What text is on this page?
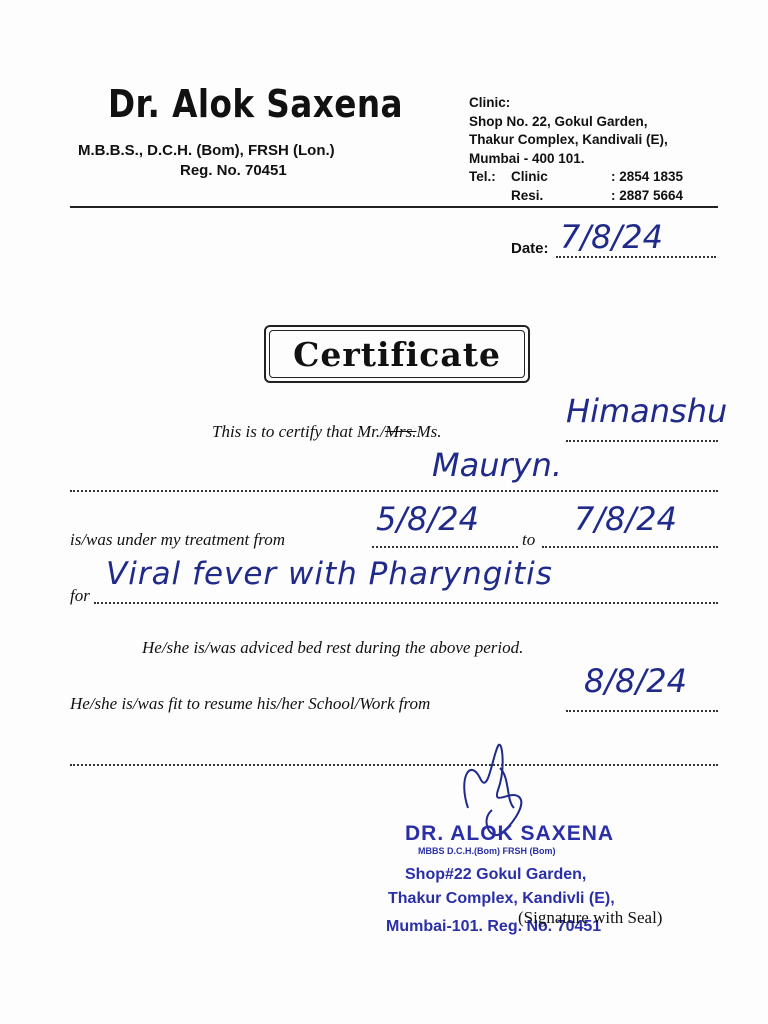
Dr. Alok Saxena
M.B.B.S., D.C.H. (Bom), FRSH (Lon.)
Reg. No. 70451
Clinic:
Shop No. 22, Gokul Garden,
Thakur Complex, Kandivali (E),
Mumbai - 400 101.
Tel.:	Clinic	: 2854 1835
Resi.	: 2887 5664
Date: 7/8/24
Certificate
This is to certify that Mr./Mrs.Ms.
Himanshu
Mauryn.
is/was under my treatment from
5/8/24
to
7/8/24
for
Viral fever with Pharyngitis
He/she is/was adviced bed rest during the above period.
He/she is/was fit to resume his/her School/Work from
8/8/24
DR. ALOK SAXENA
MBBS D.C.H.(Bom) FRSH (Bom)
Shop#22 Gokul Garden,
Thakur Complex, Kandivli (E),
Mumbai-101. Reg. No. 70451
(Signature with Seal)
